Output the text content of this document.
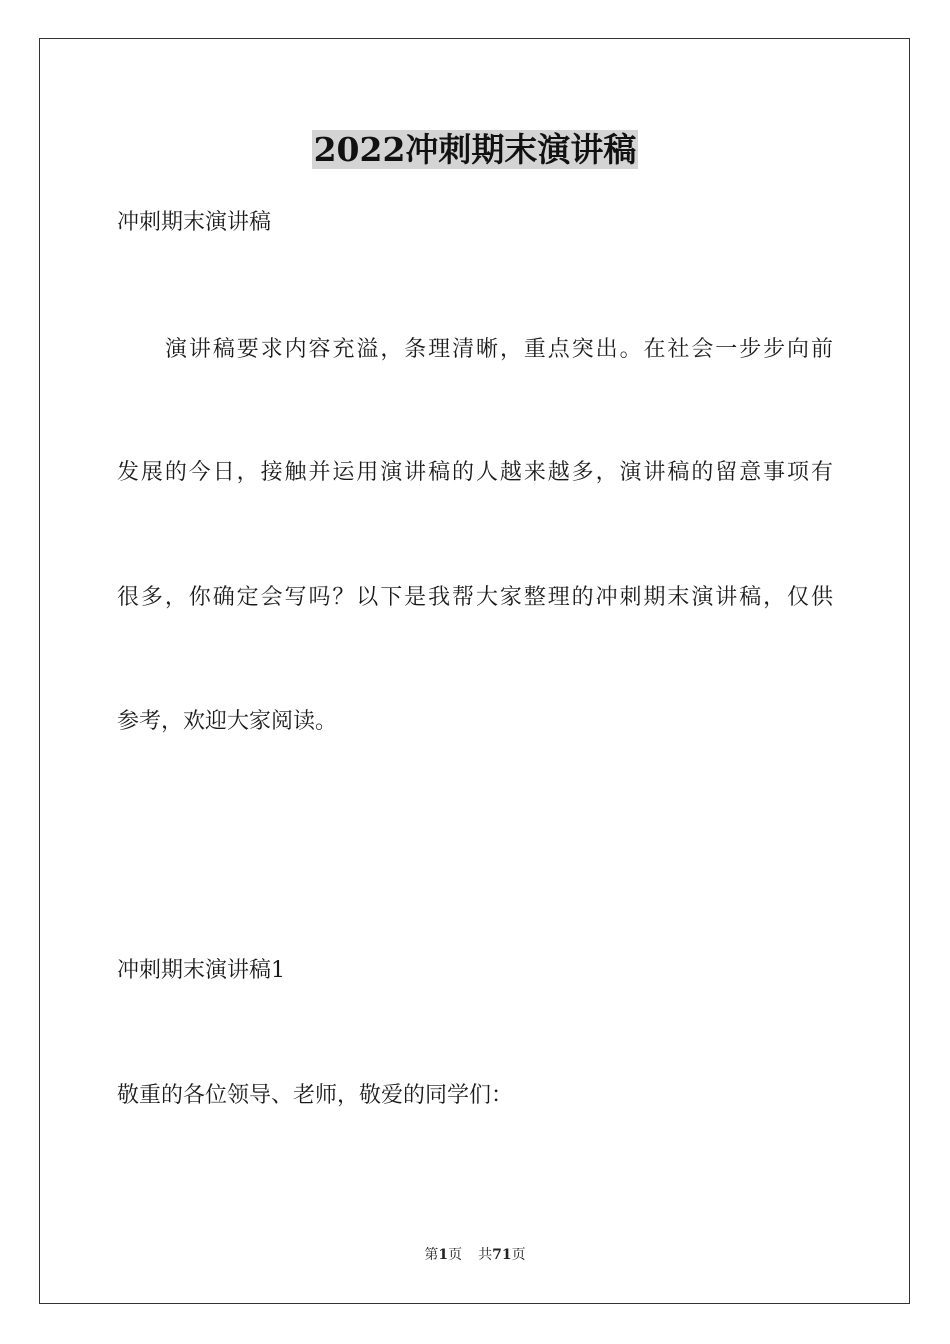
2022冲刺期末演讲稿
冲刺期末演讲稿
演讲稿要求内容充溢，条理清晰，重点突出。在社会一步步向前
发展的今日，接触并运用演讲稿的人越来越多，演讲稿的留意事项有
很多，你确定会写吗？以下是我帮大家整理的冲刺期末演讲稿，仅供
参考，欢迎大家阅读。
冲刺期末演讲稿1
敬重的各位领导、老师，敬爱的同学们：
第1页 共71页
